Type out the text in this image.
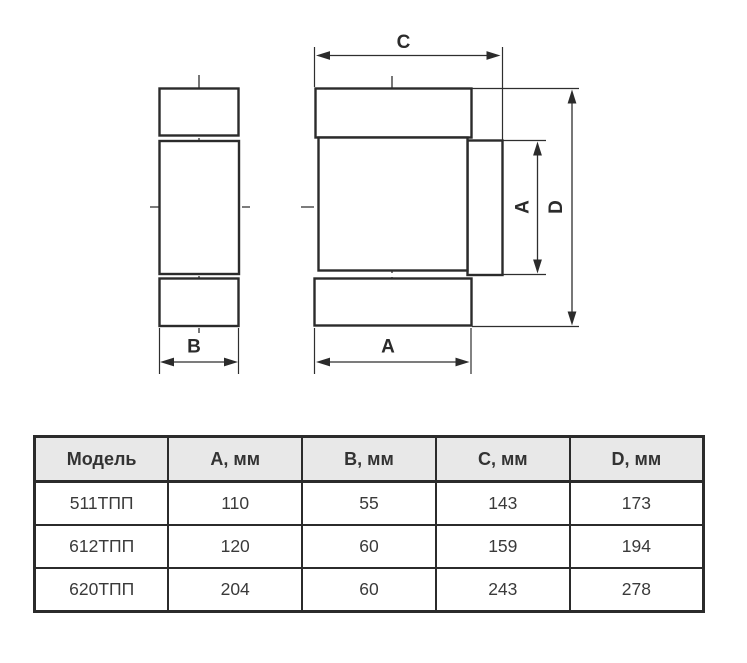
B
C
A
A D
Модель	A, мм	B, мм	C, мм	D, мм
511ТПП	110	55	143	173
612ТПП	120	60	159	194
620ТПП	204	60	243	278
